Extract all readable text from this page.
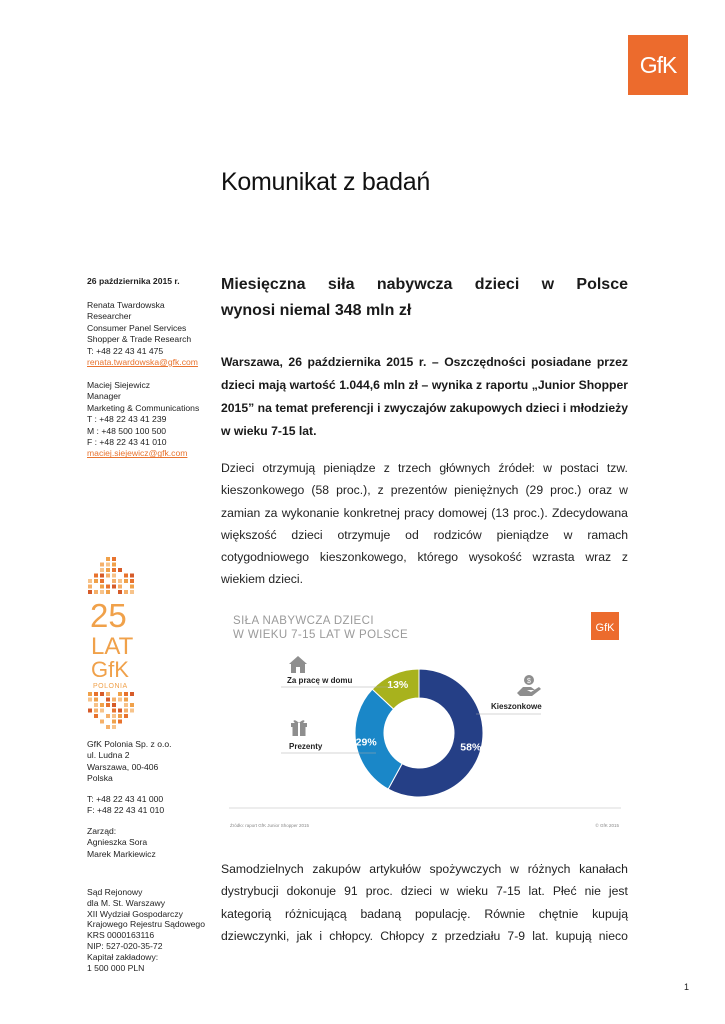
GfK
Komunikat z badań
26 października 2015 r.
Renata Twardowska
Researcher
Consumer Panel Services
Shopper & Trade Research
T: +48 22 43 41 475
renata.twardowska@gfk.com
Maciej Siejewicz
Manager
Marketing & Communications
T : +48 22 43 41 239
M : +48 500 100 500
F : +48 22 43 41 010
maciej.siejewicz@gfk.com
25
LAT
GfK
POLONIA
GfK Polonia Sp. z o.o.
ul. Ludna 2
Warszawa, 00-406
Polska
T: +48 22 43 41 000
F: +48 22 43 41 010
Zarząd:
Agnieszka Sora
Marek Markiewicz
Sąd Rejonowy
dla M. St. Warszawy
XII Wydział Gospodarczy
Krajowego Rejestru Sądowego
KRS 0000163116
NIP: 527-020-35-72
Kapitał zakładowy:
1 500 000 PLN
Miesięczna siła nabywcza dzieci w Polsce
wynosi niemal 348 mln zł
Warszawa, 26 października 2015 r. – Oszczędności posiadane przez dzieci mają wartość 1.044,6 mln zł – wynika z raportu „Junior Shopper 2015” na temat preferencji i zwyczajów zakupowych dzieci i młodzieży w wieku 7-15 lat.
Dzieci otrzymują pieniądze z trzech głównych źródeł: w postaci tzw.
kieszonkowego (58 proc.), z prezentów pieniężnych (29 proc.) oraz w
zamian za wykonanie konkretnej pracy domowej (13 proc.). Zdecydowana
większość dzieci otrzymuje od rodziców pieniądze w ramach
cotygodniowego kieszonkowego, którego wysokość wzrasta wraz z
wiekiem dzieci.
SIŁA NABYWCZA DZIECI
W WIEKU 7-15 LAT W POLSCE
GfK
58%
29%
13%
Za pracę w domu
Prezenty
$
Kieszonkowe
Źródło: raport GfK Junior Shopper 2015	© GfK 2015
Samodzielnych zakupów artykułów spożywczych w różnych kanałach
dystrybucji dokonuje 91 proc. dzieci w wieku 7-15 lat. Płeć nie jest
kategorią różnicującą badaną populację. Równie chętnie kupują
dziewczynki, jak i chłopcy. Chłopcy z przedziału 7-9 lat. kupują nieco
1
